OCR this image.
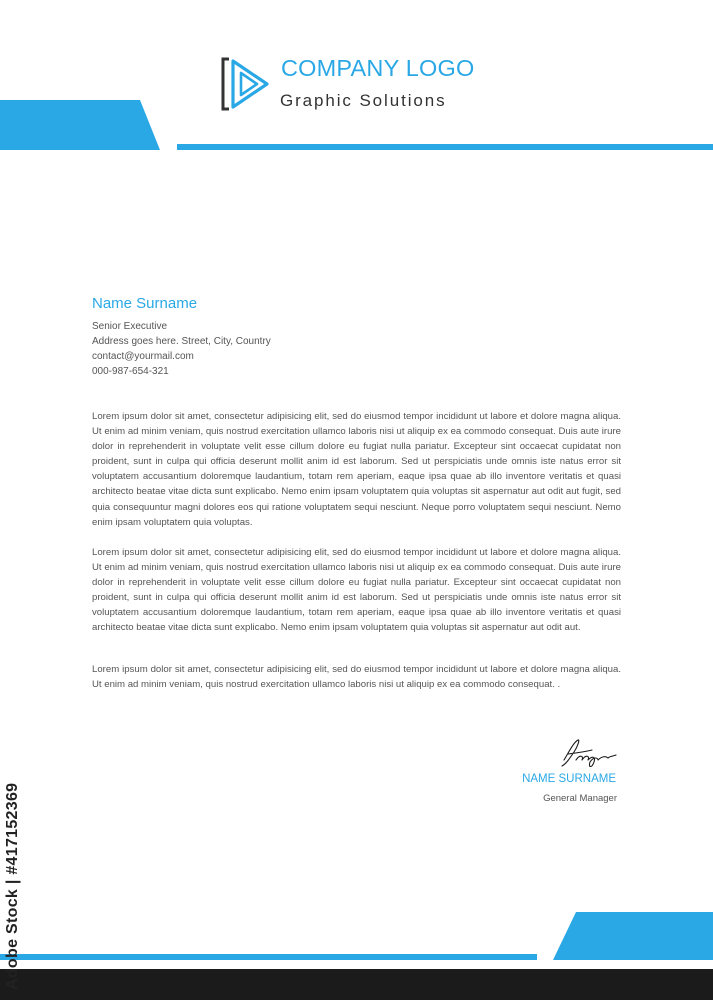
COMPANY LOGO
Graphic Solutions
Name Surname
Senior Executive
Address goes here. Street, City, Country
contact@yourmail.com
000-987-654-321

Lorem ipsum dolor sit amet, consectetur adipisicing elit, sed do eiusmod tempor incididunt ut labore et dolore magna aliqua. Ut enim ad minim veniam, quis nostrud exercitation ullamco laboris nisi ut aliquip ex ea commodo consequat. Duis aute irure dolor in reprehenderit in voluptate velit esse cillum dolore eu fugiat nulla pariatur. Excepteur sint occaecat cupidatat non proident, sunt in culpa qui officia deserunt mollit anim id est laborum. Sed ut perspiciatis unde omnis iste natus error sit voluptatem accusantium doloremque laudantium, totam rem aperiam, eaque ipsa quae ab illo inventore veritatis et quasi architecto beatae vitae dicta sunt explicabo. Nemo enim ipsam voluptatem quia voluptas sit aspernatur aut odit aut fugit, sed quia consequuntur magni dolores eos qui ratione voluptatem sequi nesciunt. Neque porro voluptatem sequi nesciunt. Nemo enim ipsam voluptatem quia voluptas.

Lorem ipsum dolor sit amet, consectetur adipisicing elit, sed do eiusmod tempor incididunt ut labore et dolore magna aliqua. Ut enim ad minim veniam, quis nostrud exercitation ullamco laboris nisi ut aliquip ex ea commodo consequat. Duis aute irure dolor in reprehenderit in voluptate velit esse cillum dolore eu fugiat nulla pariatur. Excepteur sint occaecat cupidatat non proident, sunt in culpa qui officia deserunt mollit anim id est laborum. Sed ut perspiciatis unde omnis iste natus error sit voluptatem accusantium doloremque laudantium, totam rem aperiam, eaque ipsa quae ab illo inventore veritatis et quasi architecto beatae vitae dicta sunt explicabo. Nemo enim ipsam voluptatem quia voluptas sit aspernatur aut odit aut.

Lorem ipsum dolor sit amet, consectetur adipisicing elit, sed do eiusmod tempor incididunt ut labore et dolore magna aliqua. Ut enim ad minim veniam, quis nostrud exercitation ullamco laboris nisi ut aliquip ex ea commodo consequat. .

NAME SURNAME
General Manager
Adobe Stock | #417152369
